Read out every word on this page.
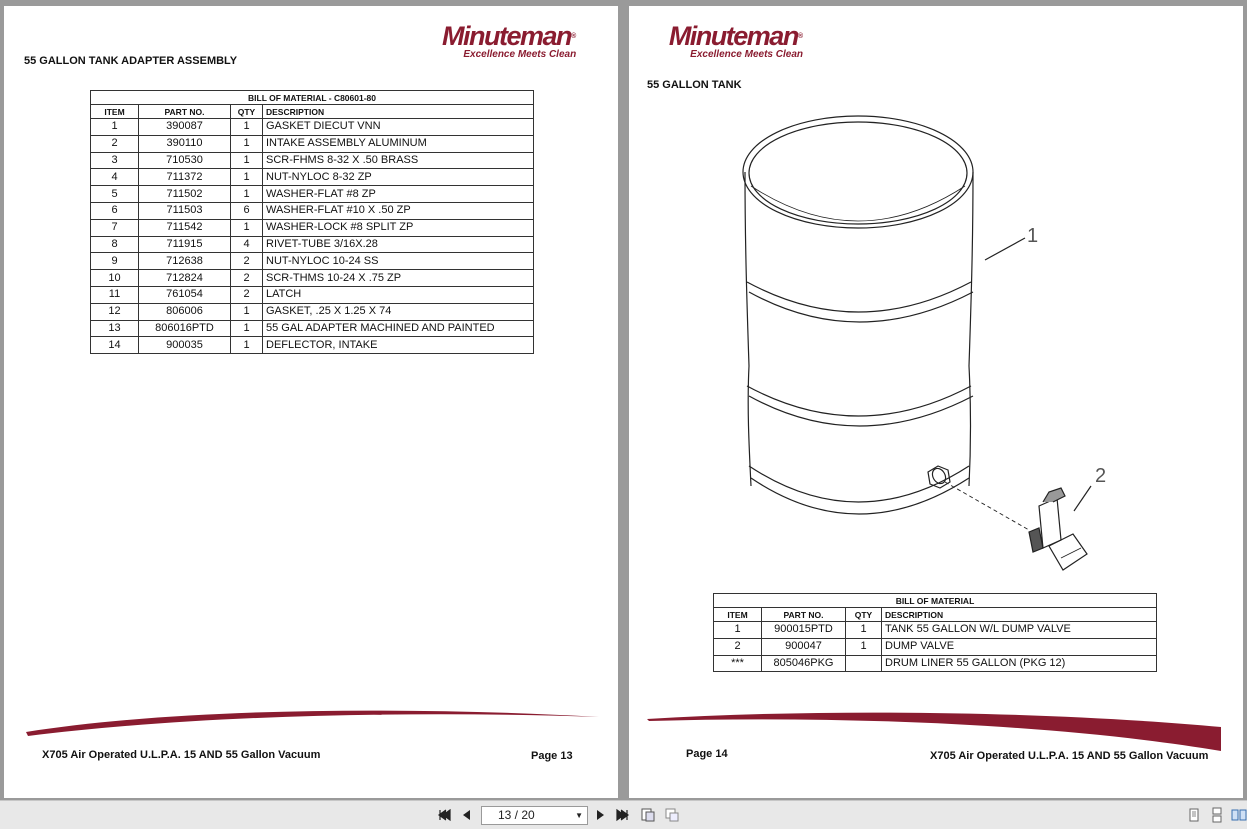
Minuteman®
Excellence Meets Clean
55 GALLON TANK ADAPTER ASSEMBLY
BILL OF MATERIAL - C80601-80			
ITEM	PART NO.	QTY	DESCRIPTION
1	390087	1	GASKET DIECUT VNN
2	390110	1	INTAKE ASSEMBLY ALUMINUM
3	710530	1	SCR-FHMS 8-32 X .50 BRASS
4	711372	1	NUT-NYLOC 8-32 ZP
5	711502	1	WASHER-FLAT #8 ZP
6	711503	6	WASHER-FLAT #10 X .50 ZP
7	711542	1	WASHER-LOCK #8 SPLIT ZP
8	711915	4	RIVET-TUBE 3/16X.28
9	712638	2	NUT-NYLOC 10-24 SS
10	712824	2	SCR-THMS 10-24 X .75 ZP
11	761054	2	LATCH
12	806006	1	GASKET, .25 X 1.25 X 74
13	806016PTD	1	55 GAL ADAPTER MACHINED AND PAINTED
14	900035	1	DEFLECTOR, INTAKE
X705 Air Operated U.L.P.A. 15 AND 55 Gallon Vacuum	Page 13
Minuteman®
Excellence Meets Clean
55 GALLON TANK
1
2
BILL OF MATERIAL			
ITEM	PART NO.	QTY	DESCRIPTION
1	900015PTD	1	TANK 55 GALLON W/L DUMP VALVE
2	900047	1	DUMP VALVE
***	805046PKG		DRUM LINER 55 GALLON (PKG 12)
Page 14	X705 Air Operated U.L.P.A. 15 AND 55 Gallon Vacuum
13 / 20	▼
